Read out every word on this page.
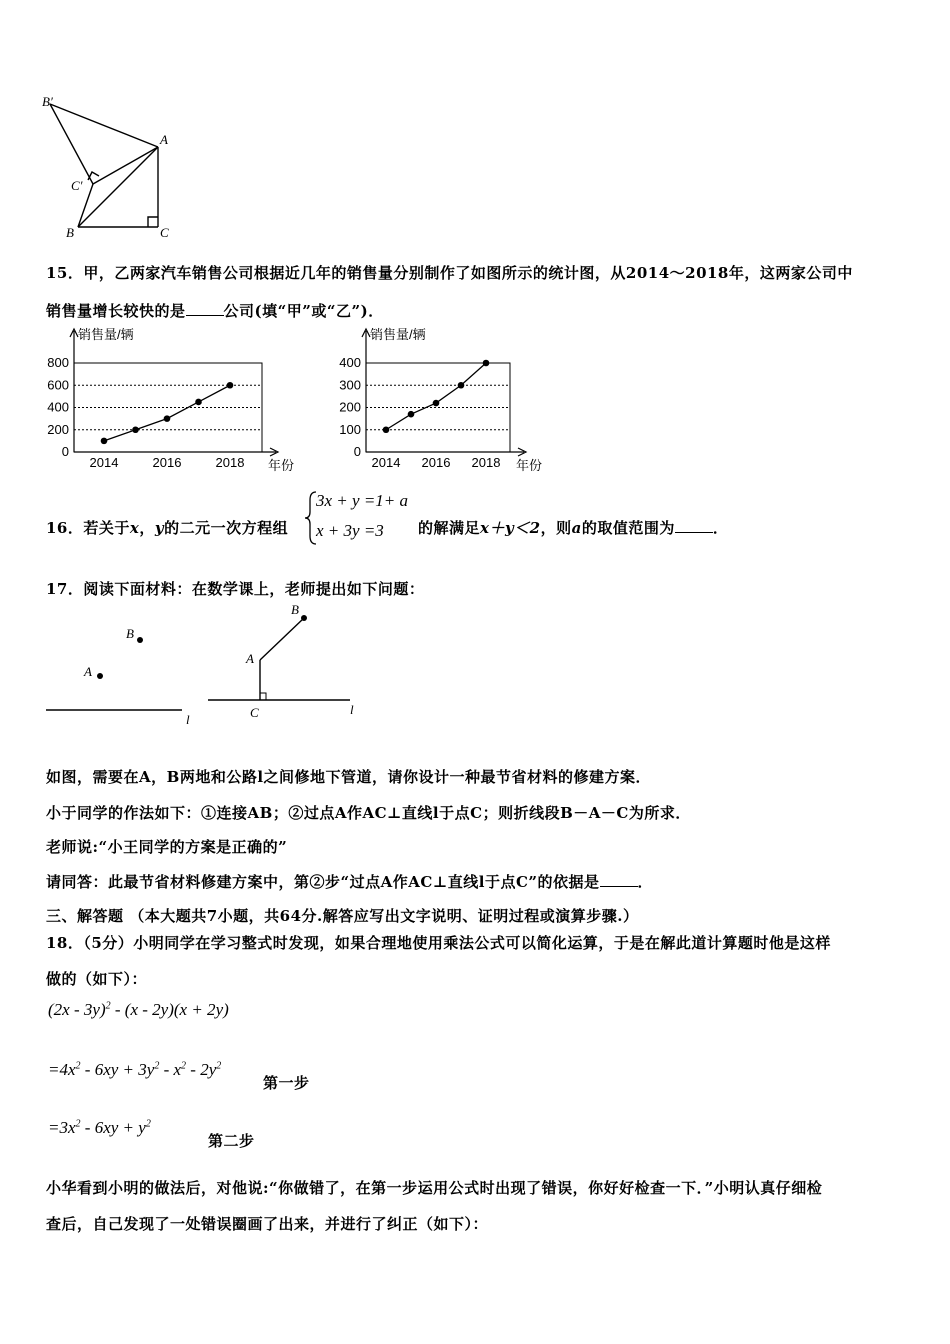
B′
A
C′
B	C
15．甲，乙两家汽车销售公司根据近几年的销售量分别制作了如图所示的统计图，从2014～2018年，这两家公司中
销售量增长较快的是	公司(填“甲”或“乙”)．
0
200
400
600
800
2014	2016	2018
销售量/辆
年份
0
100
200
300
400
2014 2016 2018
销售量/辆
年份
16．若关于x，y的二元一次方程组
3x + y =1+ a
x + 3y =3 的解满足x＋y＜2，则a的取值范围为	．
17．阅读下面材料：在数学课上，老师提出如下问题：
B
A
l
B
A
C	l
如图，需要在A，B两地和公路l之间修地下管道，请你设计一种最节省材料的修建方案．
小于同学的作法如下：①连接AB；②过点A作AC⊥直线l于点C；则折线段B－A－C为所求．
老师说:“小王同学的方案是正确的”
请同答：此最节省材料修建方案中，第②步“过点A作AC⊥直线l于点C”的依据是	．
三、解答题 （本大题共7小题，共64分.解答应写出文字说明、证明过程或演算步骤.）
18．（5分）小明同学在学习整式时发现，如果合理地使用乘法公式可以简化运算，于是在解此道计算题时他是这样
做的（如下）：
(2x - 3y)$^2$ - (x - 2y)(x + 2y)
$=4x^2 - 6xy + 3y^2 - x^2 - 2y^2$
第一步
$=3x^2 - 6xy + y^2$
第二步
小华看到小明的做法后，对他说:“你做错了，在第一步运用公式时出现了错误，你好好检查一下．”小明认真仔细检
查后，自己发现了一处错误圈画了出来，并进行了纠正（如下）：
